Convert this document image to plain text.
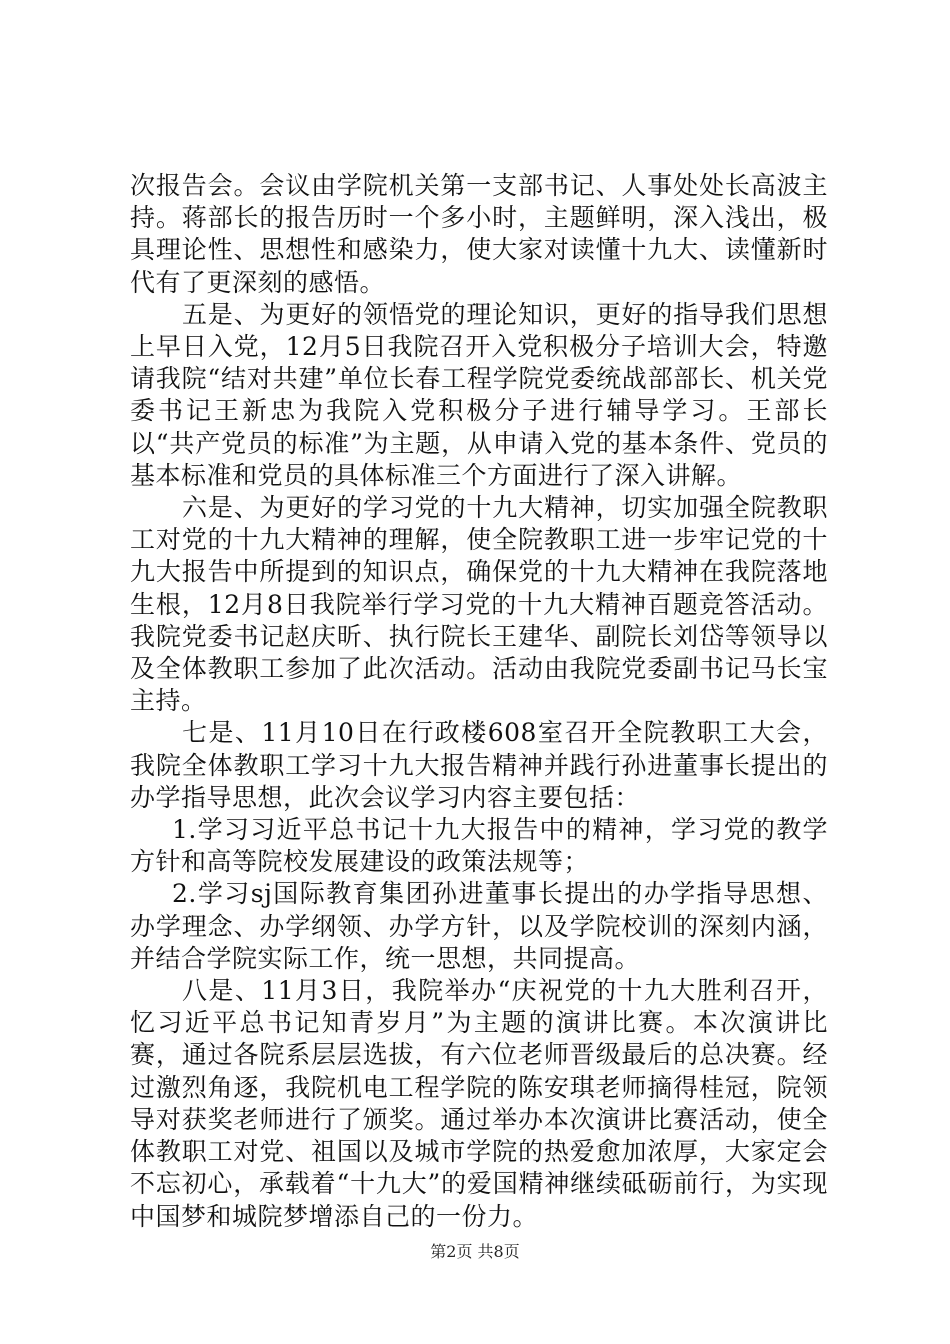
次报告会。会议由学院机关第一支部书记、人事处处长高波主持。蒋部长的报告历时一个多小时，主题鲜明，深入浅出，极具理论性、思想性和感染力，使大家对读懂十九大、读懂新时代有了更深刻的感悟。

五是、为更好的领悟党的理论知识，更好的指导我们思想上早日入党，12月5日我院召开入党积极分子培训大会，特邀请我院“结对共建”单位长春工程学院党委统战部部长、机关党委书记王新忠为我院入党积极分子进行辅导学习。王部长以“共产党员的标准”为主题，从申请入党的基本条件、党员的基本标准和党员的具体标准三个方面进行了深入讲解。

六是、为更好的学习党的十九大精神，切实加强全院教职工对党的十九大精神的理解，使全院教职工进一步牢记党的十九大报告中所提到的知识点，确保党的十九大精神在我院落地生根，12月8日我院举行学习党的十九大精神百题竞答活动。我院党委书记赵庆昕、执行院长王建华、副院长刘岱等领导以及全体教职工参加了此次活动。活动由我院党委副书记马长宝主持。

七是、11月10日在行政楼608室召开全院教职工大会，我院全体教职工学习十九大报告精神并践行孙进董事长提出的办学指导思想，此次会议学习内容主要包括：

1.学习习近平总书记十九大报告中的精神，学习党的教学方针和高等院校发展建设的政策法规等；

2.学习sj国际教育集团孙进董事长提出的办学指导思想、办学理念、办学纲领、办学方针，以及学院校训的深刻内涵，并结合学院实际工作，统一思想，共同提高。

八是、11月3日，我院举办“庆祝党的十九大胜利召开，忆习近平总书记知青岁月”为主题的演讲比赛。本次演讲比赛，通过各院系层层选拔，有六位老师晋级最后的总决赛。经过激烈角逐，我院机电工程学院的陈安琪老师摘得桂冠，院领导对获奖老师进行了颁奖。通过举办本次演讲比赛活动，使全体教职工对党、祖国以及城市学院的热爱愈加浓厚，大家定会不忘初心，承载着“十九大”的爱国精神继续砥砺前行，为实现中国梦和城院梦增添自己的一份力。

第2页 共8页
